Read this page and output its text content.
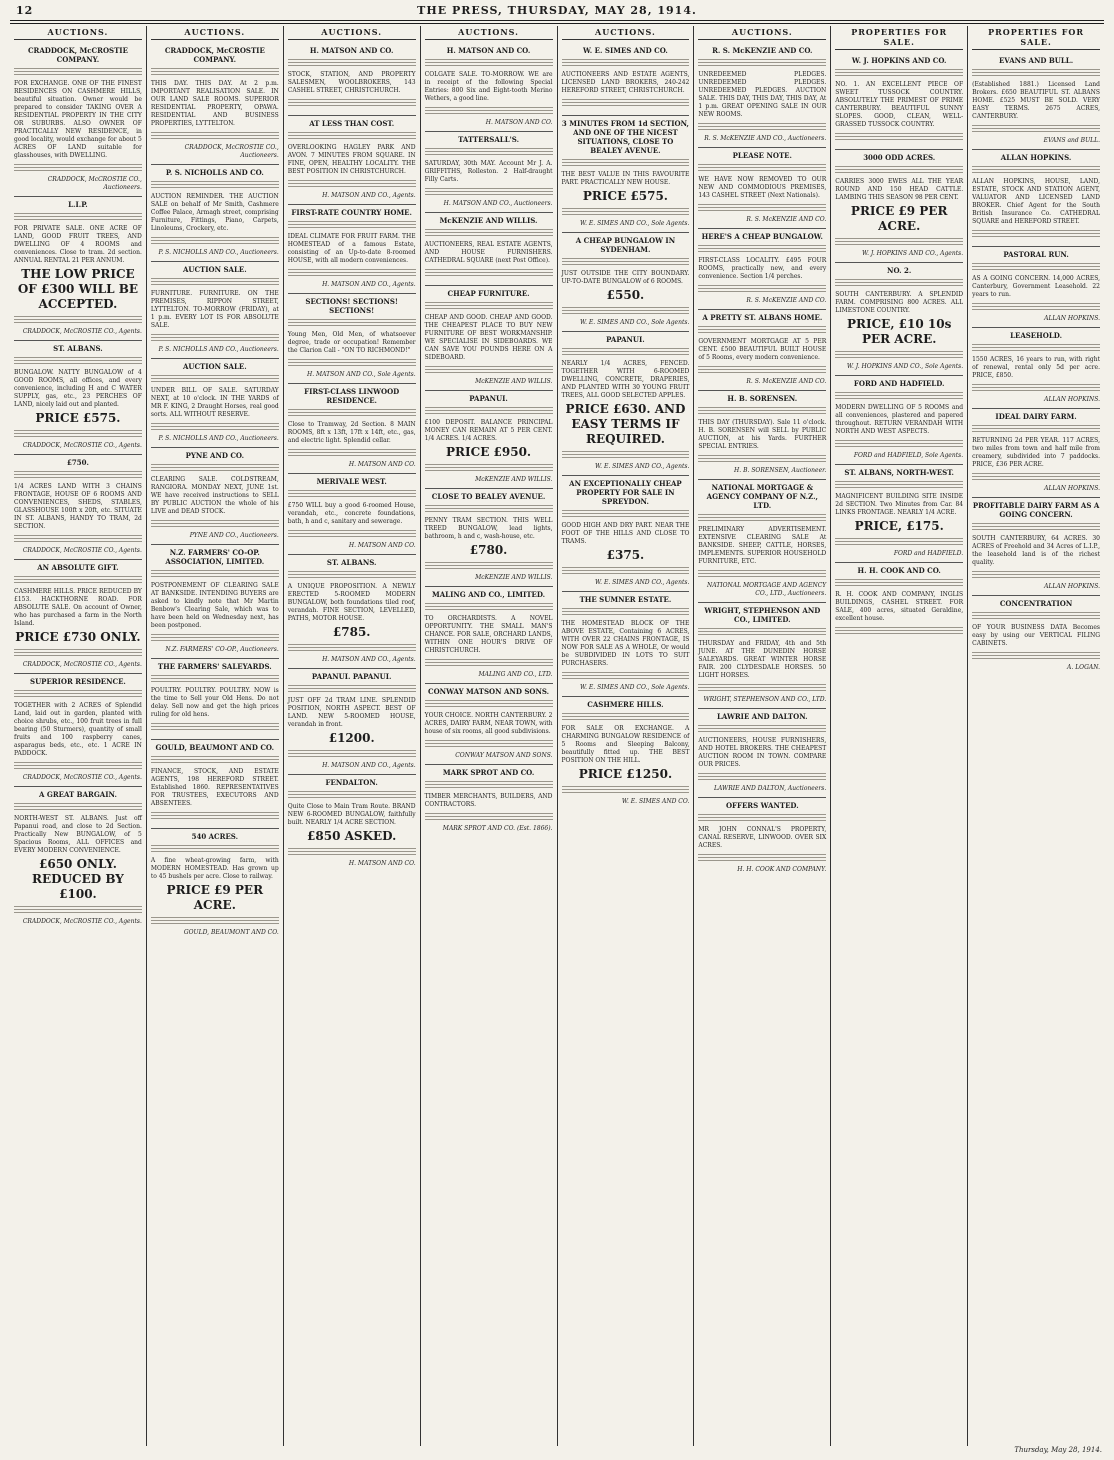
12	THE PRESS, THURSDAY, MAY 28, 1914.
AUCTIONS.
CRADDOCK, McCROSTIE COMPANY.
FOR EXCHANGE. ONE OF THE FINEST RESIDENCES ON CASHMERE HILLS, beautiful situation. Owner would be prepared to consider TAKING OVER A RESIDENTIAL PROPERTY IN THE CITY OR SUBURBS. ALSO OWNER OF PRACTICALLY NEW RESIDENCE, in good locality, would exchange for about 5 ACRES OF LAND suitable for glasshouses, with DWELLING.
CRADDOCK, McCROSTIE CO., Auctioneers.
L.I.P.
FOR PRIVATE SALE. ONE ACRE OF LAND, GOOD FRUIT TREES, AND DWELLING OF 4 ROOMS and conveniences. Close to tram. 2d section. ANNUAL RENTAL 21 PER ANNUM.
THE LOW PRICE OF £300 WILL BE ACCEPTED.
CRADDOCK, McCROSTIE CO., Agents.
ST. ALBANS.
BUNGALOW. NATTY BUNGALOW of 4 GOOD ROOMS, all offices, and every convenience, including H and C WATER SUPPLY, gas, etc., 23 PERCHES OF LAND, nicely laid out and planted.
PRICE £575.
CRADDOCK, McCROSTIE CO., Agents.
£750.
1/4 ACRES LAND WITH 3 CHAINS FRONTAGE, HOUSE OF 6 ROOMS AND CONVENIENCES, SHEDS, STABLES, GLASSHOUSE 100ft x 20ft, etc. SITUATE IN ST. ALBANS, HANDY TO TRAM, 2d SECTION.
CRADDOCK, McCROSTIE CO., Agents.
AN ABSOLUTE GIFT.
CASHMERE HILLS. PRICE REDUCED BY £153. HACKTHORNE ROAD. FOR ABSOLUTE SALE. On account of Owner, who has purchased a farm in the North Island.
PRICE £730 ONLY.
CRADDOCK, McCROSTIE CO., Agents.
SUPERIOR RESIDENCE.
TOGETHER with 2 ACRES of Splendid Land, laid out in garden, planted with choice shrubs, etc., 100 fruit trees in full bearing (50 Sturmers), quantity of small fruits and 100 raspberry canes, asparagus beds, etc., etc. 1 ACRE IN PADDOCK.
CRADDOCK, McCROSTIE CO., Agents.
A GREAT BARGAIN.
NORTH-WEST ST. ALBANS. Just off Papanui road, and close to 2d Section. Practically New BUNGALOW, of 5 Spacious Rooms, ALL OFFICES and EVERY MODERN CONVENIENCE.
£650 ONLY. REDUCED BY £100.
CRADDOCK, McCROSTIE CO., Agents.
AUCTIONS.
CRADDOCK, McCROSTIE COMPANY.
THIS DAY. THIS DAY. At 2 p.m. IMPORTANT REALISATION SALE. IN OUR LAND SALE ROOMS. SUPERIOR RESIDENTIAL PROPERTY, OPAWA. RESIDENTIAL AND BUSINESS PROPERTIES, LYTTELTON.
CRADDOCK, McCROSTIE CO., Auctioneers.
P. S. NICHOLLS AND CO.
AUCTION REMINDER. THE AUCTION SALE on behalf of Mr Smith, Cashmere Coffee Palace, Armagh street, comprising Furniture, Fittings, Piano, Carpets, Linoleums, Crockery, etc.
P. S. NICHOLLS AND CO., Auctioneers.
AUCTION SALE.
FURNITURE. FURNITURE. ON THE PREMISES, RIPPON STREET, LYTTELTON. TO-MORROW (FRIDAY), at 1 p.m. EVERY LOT IS FOR ABSOLUTE SALE.
P. S. NICHOLLS AND CO., Auctioneers.
AUCTION SALE.
UNDER BILL OF SALE. SATURDAY NEXT, at 10 o'clock. IN THE YARDS of MR F. KING, 2 Draught Horses, real good sorts. ALL WITHOUT RESERVE.
P. S. NICHOLLS AND CO., Auctioneers.
PYNE AND CO.
CLEARING SALE. COLDSTREAM, RANGIORA. MONDAY NEXT, JUNE 1st. WE have received instructions to SELL BY PUBLIC AUCTION the whole of his LIVE and DEAD STOCK.
PYNE AND CO., Auctioneers.
N.Z. FARMERS' CO-OP. ASSOCIATION, LIMITED.
POSTPONEMENT OF CLEARING SALE AT BANKSIDE. INTENDING BUYERS are asked to kindly note that Mr Martin Benbow's Clearing Sale, which was to have been held on Wednesday next, has been postponed.
N.Z. FARMERS' CO-OP., Auctioneers.
THE FARMERS' SALEYARDS.
POULTRY. POULTRY. POULTRY. NOW is the time to Sell your Old Hens. Do not delay. Sell now and get the high prices ruling for old hens.
GOULD, BEAUMONT AND CO.
FINANCE, STOCK, AND ESTATE AGENTS, 198 HEREFORD STREET. Established 1860. REPRESENTATIVES FOR TRUSTEES, EXECUTORS AND ABSENTEES.
540 ACRES.
A fine wheat-growing farm, with MODERN HOMESTEAD. Has grown up to 45 bushels per acre. Close to railway.
PRICE £9 PER ACRE.
GOULD, BEAUMONT AND CO.
AUCTIONS.
H. MATSON AND CO.
STOCK, STATION, AND PROPERTY SALESMEN, WOOLBROKERS, 143 CASHEL STREET, CHRISTCHURCH.
AT LESS THAN COST.
OVERLOOKING HAGLEY PARK AND AVON. 7 MINUTES FROM SQUARE. IN FINE, OPEN, HEALTHY LOCALITY. THE BEST POSITION IN CHRISTCHURCH.
H. MATSON AND CO., Agents.
FIRST-RATE COUNTRY HOME.
IDEAL CLIMATE FOR FRUIT FARM. THE HOMESTEAD of a famous Estate, consisting of an Up-to-date 8-roomed HOUSE, with all modern conveniences.
H. MATSON AND CO., Agents.
SECTIONS! SECTIONS! SECTIONS!
Young Men, Old Men, of whatsoever degree, trade or occupation! Remember the Clarion Call - "ON TO RICHMOND!"
H. MATSON AND CO., Sole Agents.
FIRST-CLASS LINWOOD RESIDENCE.
Close to Tramway, 2d Section. 8 MAIN ROOMS, 8ft x 13ft, 17ft x 14ft, etc., gas, and electric light. Splendid cellar.
H. MATSON AND CO.
MERIVALE WEST.
£750 WILL buy a good 6-roomed House, verandah, etc., concrete foundations, bath, h and c, sanitary and sewerage.
H. MATSON AND CO.
ST. ALBANS.
A UNIQUE PROPOSITION. A NEWLY ERECTED 5-ROOMED MODERN BUNGALOW, both foundations tiled roof, verandah. FINE SECTION, LEVELLED, PATHS, MOTOR HOUSE.
£785.
H. MATSON AND CO., Agents.
PAPANUI. PAPANUI.
JUST OFF 2d TRAM LINE. SPLENDID POSITION, NORTH ASPECT. BEST OF LAND. NEW 5-ROOMED HOUSE, verandah in front.
£1200.
H. MATSON AND CO., Agents.
FENDALTON.
Quite Close to Main Tram Route. BRAND NEW 6-ROOMED BUNGALOW, faithfully built. NEARLY 1/4 ACRE SECTION.
£850 ASKED.
H. MATSON AND CO.
AUCTIONS.
H. MATSON AND CO.
COLGATE SALE. TO-MORROW. WE are in receipt of the following Special Entries: 800 Six and Eight-tooth Merino Wethers, a good line.
H. MATSON AND CO.
TATTERSALL'S.
SATURDAY, 30th MAY. Account Mr J. A. GRIFFITHS, Rolleston. 2 Half-draught Filly Carts.
H. MATSON AND CO., Auctioneers.
McKENZIE AND WILLIS.
AUCTIONEERS, REAL ESTATE AGENTS, AND HOUSE FURNISHERS. CATHEDRAL SQUARE (next Post Office).
CHEAP FURNITURE.
CHEAP AND GOOD. CHEAP AND GOOD. THE CHEAPEST PLACE TO BUY NEW FURNITURE OF BEST WORKMANSHIP. WE SPECIALISE IN SIDEBOARDS. WE CAN SAVE YOU POUNDS HERE ON A SIDEBOARD.
McKENZIE AND WILLIS.
PAPANUI.
£100 DEPOSIT. BALANCE PRINCIPAL MONEY CAN REMAIN AT 5 PER CENT. 1/4 ACRES. 1/4 ACRES.
PRICE £950.
McKENZIE AND WILLIS.
CLOSE TO BEALEY AVENUE.
PENNY TRAM SECTION. THIS WELL TREED BUNGALOW, lead lights, bathroom, h and c, wash-house, etc.
£780.
McKENZIE AND WILLIS.
MALING AND CO., LIMITED.
TO ORCHARDISTS. A NOVEL OPPORTUNITY. THE SMALL MAN'S CHANCE. FOR SALE, ORCHARD LANDS, WITHIN ONE HOUR'S DRIVE OF CHRISTCHURCH.
MALING AND CO., LTD.
CONWAY MATSON AND SONS.
YOUR CHOICE. NORTH CANTERBURY. 2 ACRES, DAIRY FARM, NEAR TOWN, with house of six rooms, all good subdivisions.
CONWAY MATSON AND SONS.
MARK SPROT AND CO.
TIMBER MERCHANTS, BUILDERS, AND CONTRACTORS.
MARK SPROT AND CO. (Est. 1866).
AUCTIONS.
W. E. SIMES AND CO.
AUCTIONEERS AND ESTATE AGENTS, LICENSED LAND BROKERS, 240-242 HEREFORD STREET, CHRISTCHURCH.
3 MINUTES FROM 1d SECTION, AND ONE OF THE NICEST SITUATIONS, CLOSE TO BEALEY AVENUE.
THE BEST VALUE IN THIS FAVOURITE PART. PRACTICALLY NEW HOUSE.
PRICE £575.
W. E. SIMES AND CO., Sole Agents.
A CHEAP BUNGALOW IN SYDENHAM.
JUST OUTSIDE THE CITY BOUNDARY. UP-TO-DATE BUNGALOW of 6 ROOMS.
£550.
W. E. SIMES AND CO., Sole Agents.
PAPANUI.
NEARLY 1/4 ACRES, FENCED. TOGETHER WITH 6-ROOMED DWELLING, CONCRETE, DRAPERIES, AND PLANTED WITH 30 YOUNG FRUIT TREES, ALL GOOD SELECTED APPLES.
PRICE £630. AND EASY TERMS IF REQUIRED.
W. E. SIMES AND CO., Agents.
AN EXCEPTIONALLY CHEAP PROPERTY FOR SALE IN SPREYDON.
GOOD HIGH AND DRY PART. NEAR THE FOOT OF THE HILLS AND CLOSE TO TRAMS.
£375.
W. E. SIMES AND CO., Agents.
THE SUMNER ESTATE.
THE HOMESTEAD BLOCK OF THE ABOVE ESTATE, Containing 6 ACRES, WITH OVER 22 CHAINS FRONTAGE, IS NOW FOR SALE AS A WHOLE, Or would be SUBDIVIDED IN LOTS TO SUIT PURCHASERS.
W. E. SIMES AND CO., Sole Agents.
CASHMERE HILLS.
FOR SALE OR EXCHANGE. A CHARMING BUNGALOW RESIDENCE of 5 Rooms and Sleeping Balcony, beautifully fitted up. THE BEST POSITION ON THE HILL.
PRICE £1250.
W. E. SIMES AND CO.
AUCTIONS.
R. S. McKENZIE AND CO.
UNREDEEMED PLEDGES. UNREDEEMED PLEDGES. UNREDEEMED PLEDGES. AUCTION SALE. THIS DAY, THIS DAY, THIS DAY, At 1 p.m. GREAT OPENING SALE IN OUR NEW ROOMS.
R. S. McKENZIE AND CO., Auctioneers.
PLEASE NOTE.
WE HAVE NOW REMOVED TO OUR NEW AND COMMODIOUS PREMISES, 143 CASHEL STREET (Next Nationals).
R. S. McKENZIE AND CO.
HERE'S A CHEAP BUNGALOW.
FIRST-CLASS LOCALITY. £495 FOUR ROOMS, practically new, and every convenience. Section 1/4 perches.
R. S. McKENZIE AND CO.
A PRETTY ST. ALBANS HOME.
GOVERNMENT MORTGAGE AT 5 PER CENT. £500 BEAUTIFUL BUILT HOUSE of 5 Rooms, every modern convenience.
R. S. McKENZIE AND CO.
H. B. SORENSEN.
THIS DAY (THURSDAY). Sale 11 o'clock. H. B. SORENSEN will SELL by PUBLIC AUCTION, at his Yards. FURTHER SPECIAL ENTRIES.
H. B. SORENSEN, Auctioneer.
NATIONAL MORTGAGE & AGENCY COMPANY OF N.Z., LTD.
PRELIMINARY ADVERTISEMENT. EXTENSIVE CLEARING SALE At BANKSIDE. SHEEP, CATTLE, HORSES, IMPLEMENTS. SUPERIOR HOUSEHOLD FURNITURE, ETC.
NATIONAL MORTGAGE AND AGENCY CO., LTD., Auctioneers.
WRIGHT, STEPHENSON AND CO., LIMITED.
THURSDAY and FRIDAY, 4th and 5th JUNE. AT THE DUNEDIN HORSE SALEYARDS. GREAT WINTER HORSE FAIR. 200 CLYDESDALE HORSES. 50 LIGHT HORSES.
WRIGHT, STEPHENSON AND CO., LTD.
LAWRIE AND DALTON.
AUCTIONEERS, HOUSE FURNISHERS, AND HOTEL BROKERS. THE CHEAPEST AUCTION ROOM IN TOWN. COMPARE OUR PRICES.
LAWRIE AND DALTON, Auctioneers.
OFFERS WANTED.
MR JOHN CONNAL'S PROPERTY, CANAL RESERVE, LINWOOD. OVER SIX ACRES.
H. H. COOK AND COMPANY.
PROPERTIES FOR SALE.
W. J. HOPKINS AND CO.
NO. 1. AN EXCELLENT PIECE OF SWEET TUSSOCK COUNTRY. ABSOLUTELY THE PRIMEST OF PRIME CANTERBURY. BEAUTIFUL SUNNY SLOPES. GOOD, CLEAN, WELL-GRASSED TUSSOCK COUNTRY.
3000 ODD ACRES.
CARRIES 3000 EWES ALL THE YEAR ROUND AND 150 HEAD CATTLE. LAMBING THIS SEASON 98 PER CENT.
PRICE £9 PER ACRE.
W. J. HOPKINS AND CO., Agents.
NO. 2.
SOUTH CANTERBURY. A SPLENDID FARM. COMPRISING 800 ACRES. ALL LIMESTONE COUNTRY.
PRICE, £10 10s PER ACRE.
W. J. HOPKINS AND CO., Sole Agents.
FORD AND HADFIELD.
MODERN DWELLING OF 5 ROOMS and all conveniences, plastered and papered throughout. RETURN VERANDAH WITH NORTH AND WEST ASPECTS.
FORD and HADFIELD, Sole Agents.
ST. ALBANS, NORTH-WEST.
MAGNIFICENT BUILDING SITE INSIDE 2d SECTION. Two Minutes from Car. 84 LINKS FRONTAGE. NEARLY 1/4 ACRE.
PRICE, £175.
FORD and HADFIELD.
H. H. COOK AND CO.
R. H. COOK AND COMPANY, INGLIS BUILDINGS, CASHEL STREET. FOR SALE, 400 acres, situated Geraldine, excellent house.
PROPERTIES FOR SALE.
EVANS AND BULL.
(Established 1881.) Licensed Land Brokers. £650 BEAUTIFUL ST. ALBANS HOME. £525 MUST BE SOLD. VERY EASY TERMS. 2675 ACRES, CANTERBURY.
EVANS and BULL.
ALLAN HOPKINS.
ALLAN HOPKINS, HOUSE, LAND, ESTATE, STOCK AND STATION AGENT, VALUATOR AND LICENSED LAND BROKER. Chief Agent for the South British Insurance Co. CATHEDRAL SQUARE and HEREFORD STREET.
PASTORAL RUN.
AS A GOING CONCERN. 14,000 ACRES, Canterbury, Government Leasehold. 22 years to run.
ALLAN HOPKINS.
LEASEHOLD.
1550 ACRES, 16 years to run, with right of renewal, rental only 5d per acre. PRICE, £850.
ALLAN HOPKINS.
IDEAL DAIRY FARM.
RETURNING 2d PER YEAR. 117 ACRES, two miles from town and half mile from creamery, subdivided into 7 paddocks. PRICE, £36 PER ACRE.
ALLAN HOPKINS.
PROFITABLE DAIRY FARM AS A GOING CONCERN.
SOUTH CANTERBURY, 64 ACRES. 30 ACRES of Freehold and 34 Acres of L.I.P., the leasehold land is of the richest quality.
ALLAN HOPKINS.
CONCENTRATION
OF YOUR BUSINESS DATA Becomes easy by using our VERTICAL FILING CABINETS.
A. LOGAN.
Thursday, May 28, 1914.
